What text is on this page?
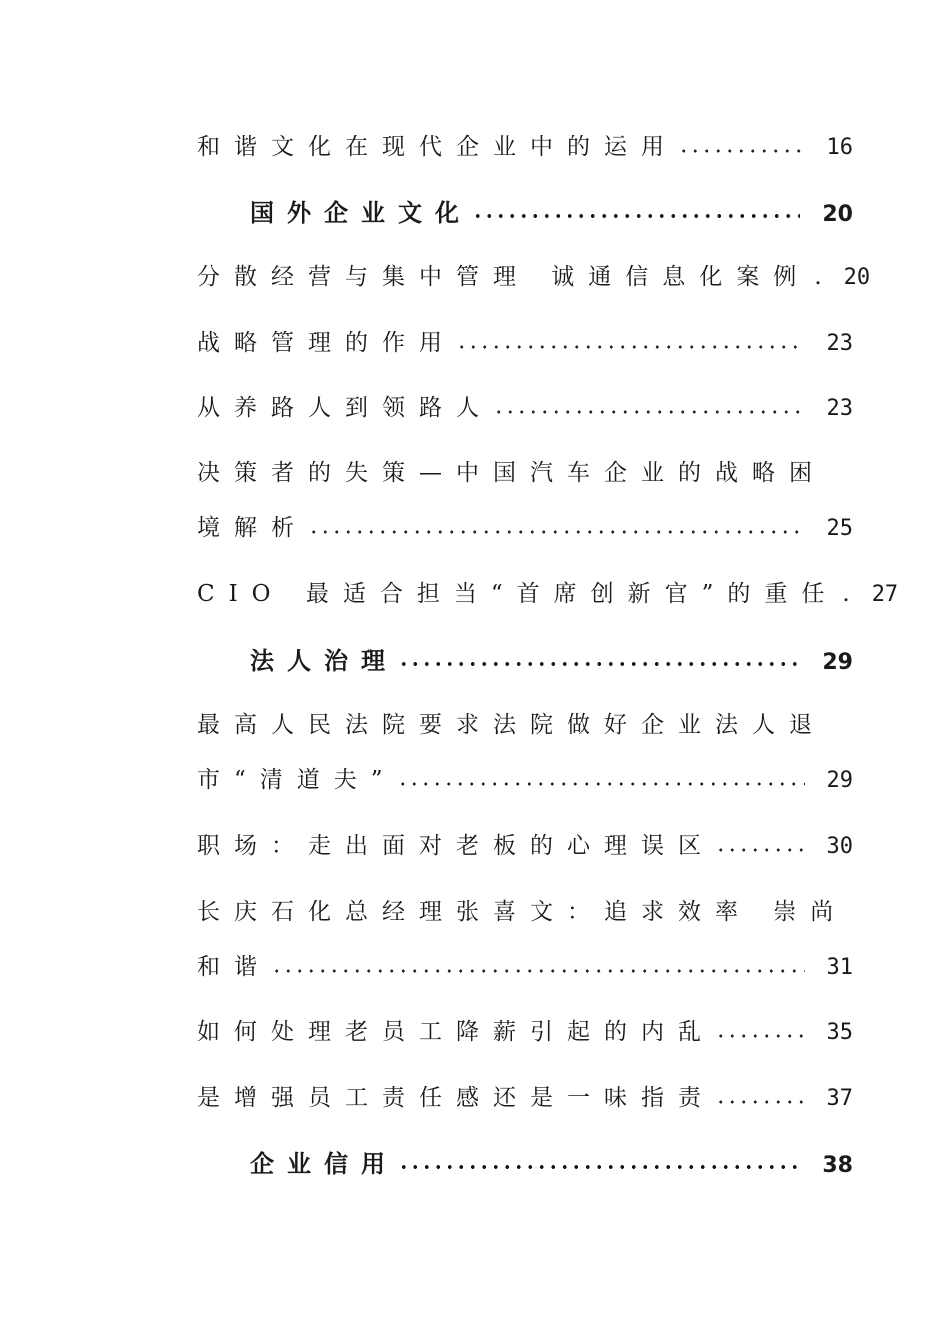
和谐文化在现代企业中的运用	16
国外企业文化	20
分散经营与集中管理 诚通信息化案例 . 20
战略管理的作用	23
从养路人到领路人	23
决策者的失策—中国汽车企业的战略困
境解析	25
CIO 最适合担当“首席创新官”的重任 . 27
法人治理	29
最高人民法院要求法院做好企业法人退
市“清道夫”	29
职场：走出面对老板的心理误区	30
长庆石化总经理张喜文：追求效率 崇尚
和谐	31
如何处理老员工降薪引起的内乱	35
是增强员工责任感还是一味指责	37
企业信用	38
